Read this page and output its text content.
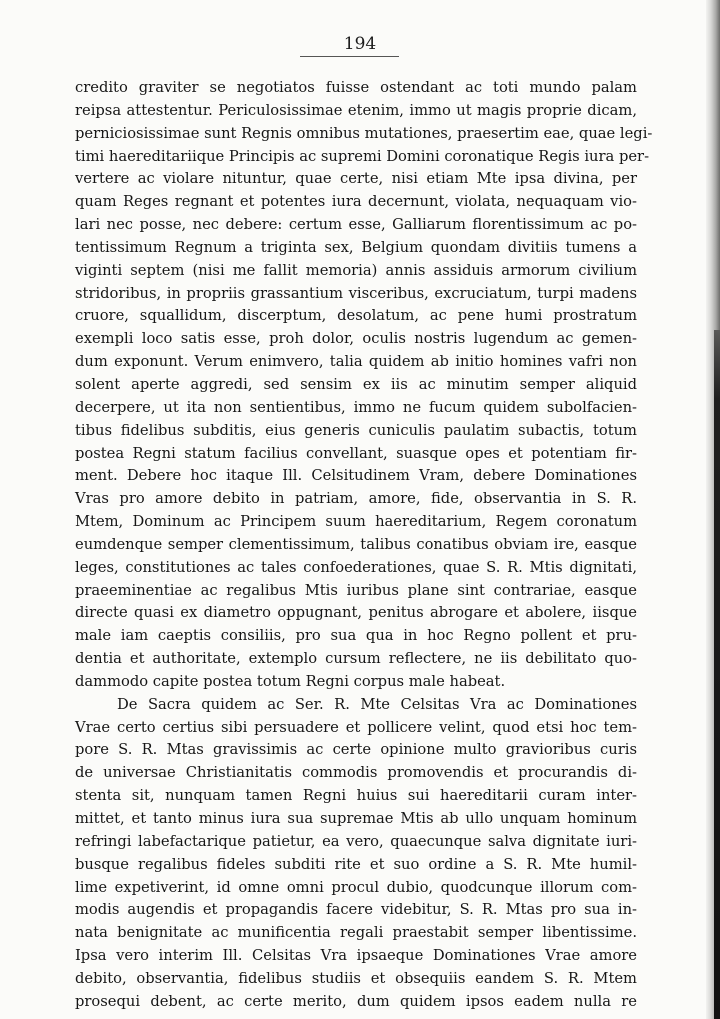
194
credito graviter se negotiatos fuisse ostendant ac toti mundo palam
reipsa attestentur. Periculosissimae etenim, immo ut magis proprie dicam,
perniciosissimae sunt Regnis omnibus mutationes, praesertim eae, quae legi-
timi haereditariique Principis ac supremi Domini coronatique Regis iura per-
vertere ac violare nituntur, quae certe, nisi etiam Mte ipsa divina, per
quam Reges regnant et potentes iura decernunt, violata, nequaquam vio-
lari nec posse, nec debere: certum esse, Galliarum florentissimum ac po-
tentissimum Regnum a triginta sex, Belgium quondam divitiis tumens a
viginti septem (nisi me fallit memoria) annis assiduis armorum civilium
stridoribus, in propriis grassantium visceribus, excruciatum, turpi madens
cruore, squallidum, discerptum, desolatum, ac pene humi prostratum
exempli loco satis esse, proh dolor, oculis nostris lugendum ac gemen-
dum exponunt. Verum enimvero, talia quidem ab initio homines vafri non
solent aperte aggredi, sed sensim ex iis ac minutim semper aliquid
decerpere, ut ita non sentientibus, immo ne fucum quidem subolfacien-
tibus fidelibus subditis, eius generis cuniculis paulatim subactis, totum
postea Regni statum facilius convellant, suasque opes et potentiam fir-
ment. Debere hoc itaque Ill. Celsitudinem Vram, debere Dominationes
Vras pro amore debito in patriam, amore, fide, observantia in S. R.
Mtem, Dominum ac Principem suum haereditarium, Regem coronatum
eumdenque semper clementissimum, talibus conatibus obviam ire, easque
leges, constitutiones ac tales confoederationes, quae S. R. Mtis dignitati,
praeeminentiae ac regalibus Mtis iuribus plane sint contrariae, easque
directe quasi ex diametro oppugnant, penitus abrogare et abolere, iisque
male iam caeptis consiliis, pro sua qua in hoc Regno pollent et pru-
dentia et authoritate, extemplo cursum reflectere, ne iis debilitato quo-
dammodo capite postea totum Regni corpus male habeat.
De Sacra quidem ac Ser. R. Mte Celsitas Vra ac Dominationes
Vrae certo certius sibi persuadere et pollicere velint, quod etsi hoc tem-
pore S. R. Mtas gravissimis ac certe opinione multo gravioribus curis
de universae Christianitatis commodis promovendis et procurandis di-
stenta sit, nunquam tamen Regni huius sui haereditarii curam inter-
mittet, et tanto minus iura sua supremae Mtis ab ullo unquam hominum
refringi labefactarique patietur, ea vero, quaecunque salva dignitate iuri-
busque regalibus fideles subditi rite et suo ordine a S. R. Mte humil-
lime expetiverint, id omne omni procul dubio, quodcunque illorum com-
modis augendis et propagandis facere videbitur, S. R. Mtas pro sua in-
nata benignitate ac munificentia regali praestabit semper libentissime.
Ipsa vero interim Ill. Celsitas Vra ipsaeque Dominationes Vrae amore
debito, observantia, fidelibus studiis et obsequiis eandem S. R. Mtem
prosequi debent, ac certe merito, dum quidem ipsos eadem nulla re
